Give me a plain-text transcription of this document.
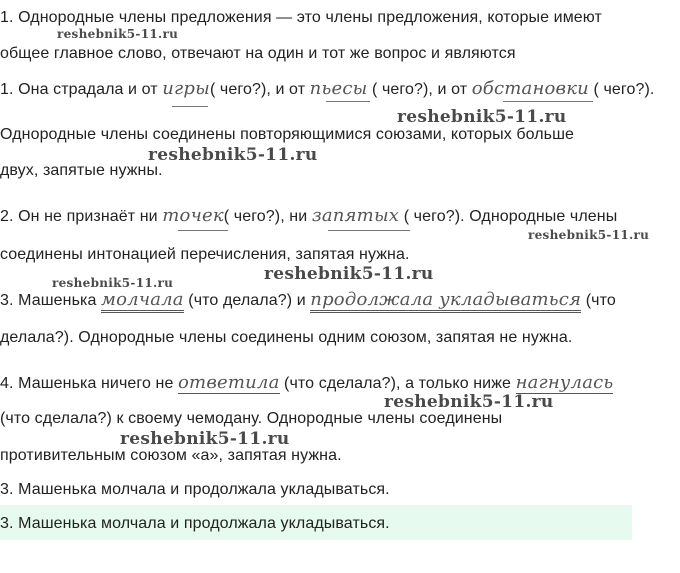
1. Однородные члены предложения — это члены предложения, которые имеют
reshebnik5-11.ru
общее главное слово, отвечают на один и тот же вопрос и являются
1. Она страдала и от игры( чего?), и от пьесы ( чего?), и от обстановки ( чего?).
reshebnik5-11.ru
Однородные члены соединены повторяющимися союзами, которых больше
reshebnik5-11.ru
двух, запятые нужны.
2. Он не признаёт ни точек( чего?), ни запятых ( чего?). Однородные члены
reshebnik5-11.ru
соединены интонацией перечисления, запятая нужна.
reshebnik5-11.ru
reshebnik5-11.ru
3. Машенька молчала (что делала?) и продолжала укладываться (что
делала?). Однородные члены соединены одним союзом, запятая не нужна.
4. Машенька ничего не ответила (что сделала?), а только ниже нагнулась
reshebnik5-11.ru
(что сделала?) к своему чемодану. Однородные члены соединены
reshebnik5-11.ru
противительным союзом «а», запятая нужна.
3. Машенька молчала и продолжала укладываться.
3. Машенька молчала и продолжала укладываться.
